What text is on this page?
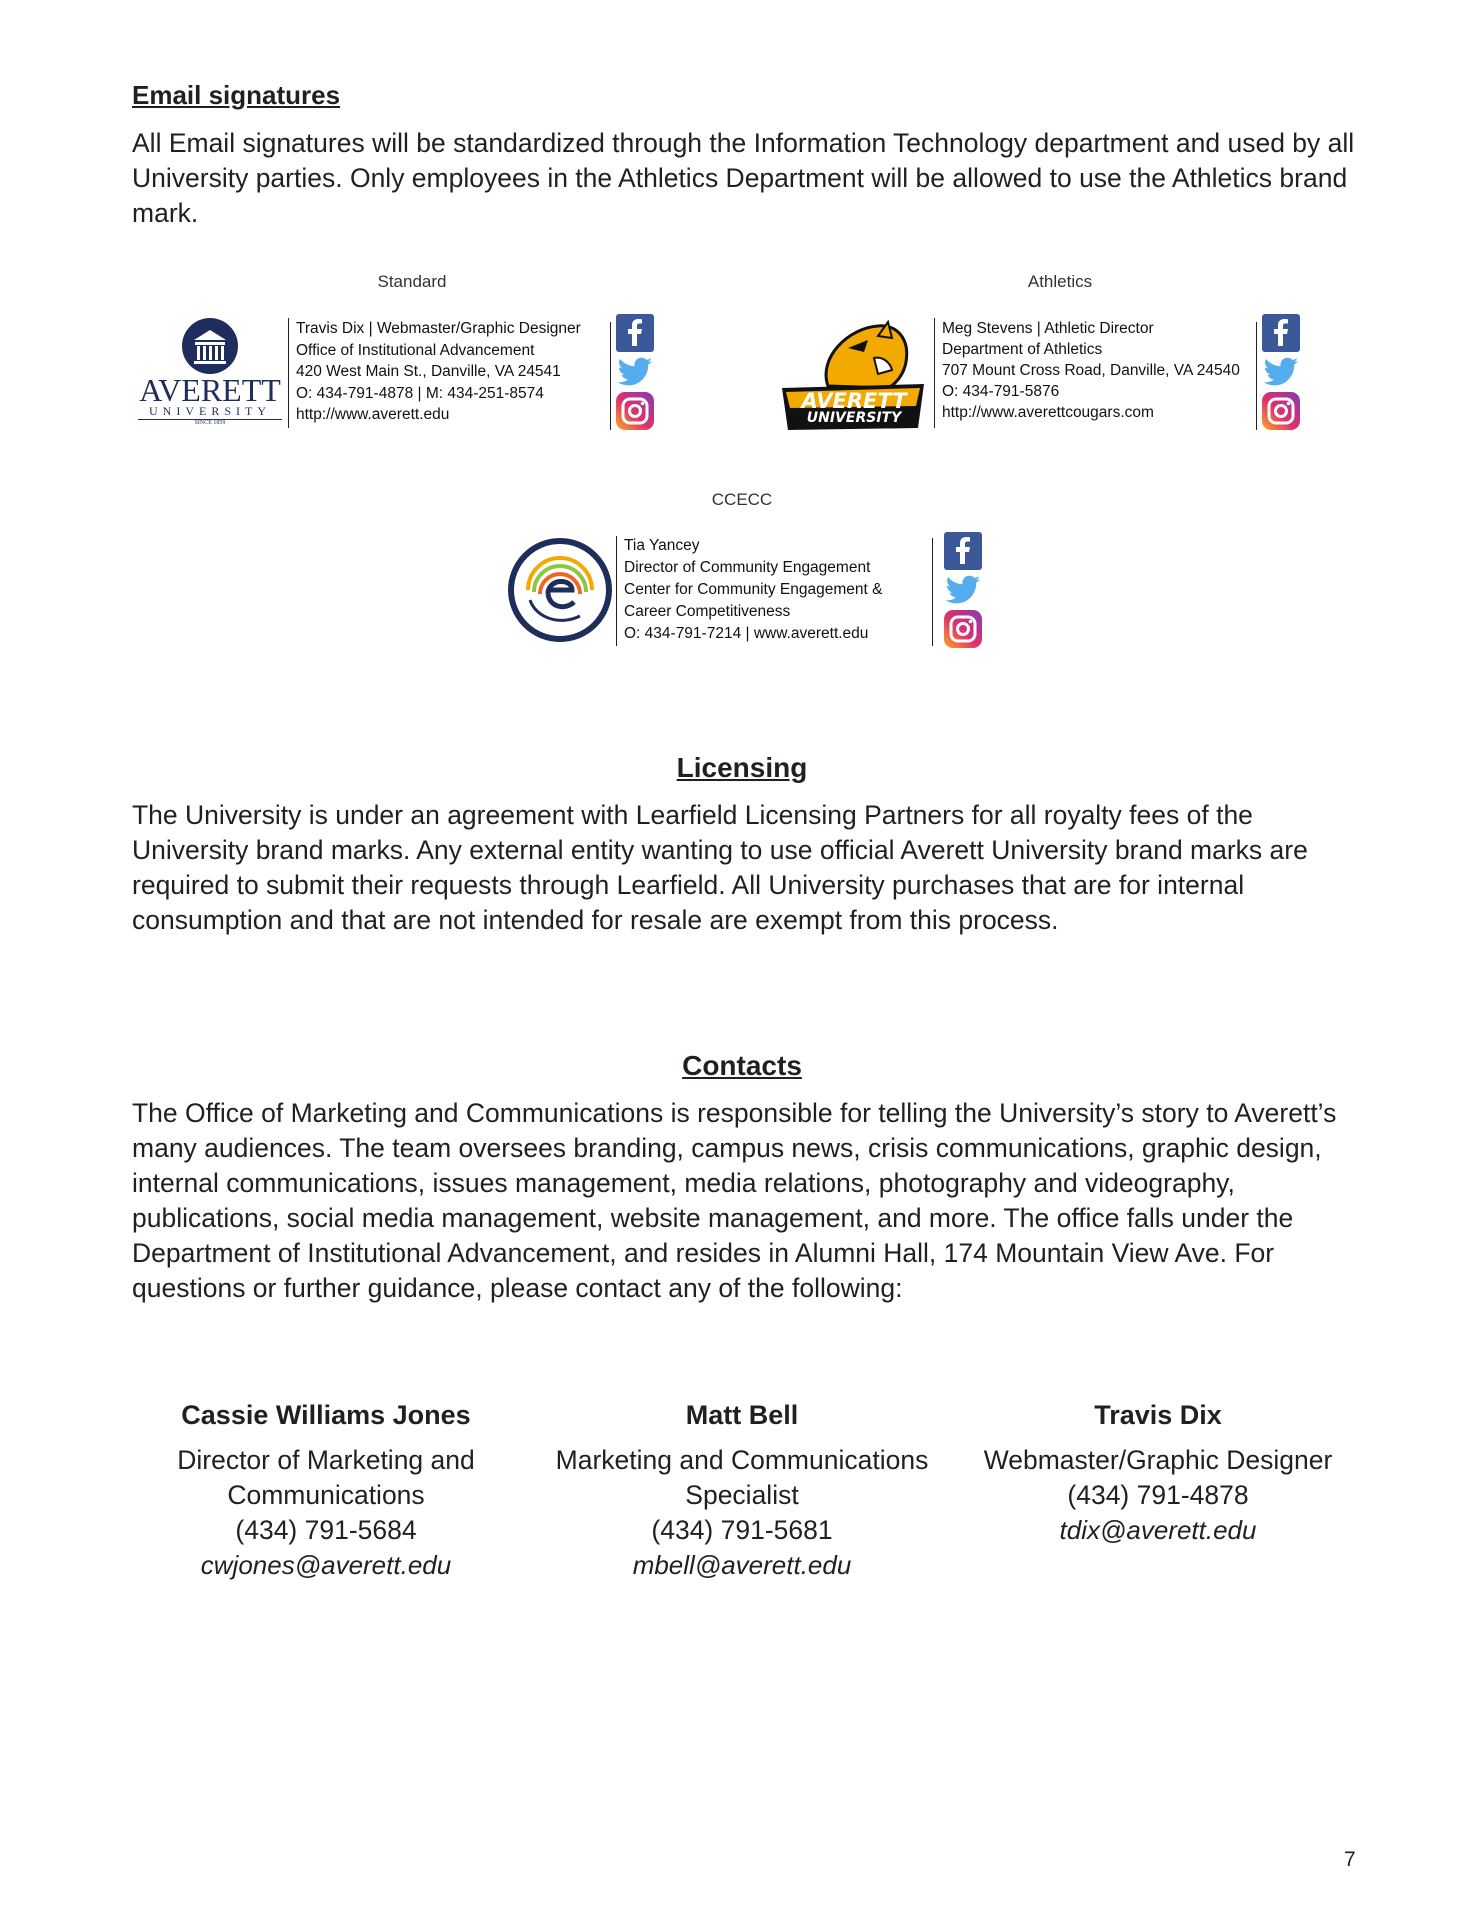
Email signatures

All Email signatures will be standardized through the Information Technology department and used by all University parties. Only employees in the Athletics Department will be allowed to use the Athletics brand mark.

Standard
AVERETT
UNIVERSITY
SINCE 1859
Travis Dix | Webmaster/Graphic Designer
Office of Institutional Advancement
420 West Main St., Danville, VA 24541
O: 434-791-4878 | M: 434-251-8574
http://www.averett.edu
Athletics
AVERETT
UNIVERSITY
Meg Stevens | Athletic Director
Department of Athletics
707 Mount Cross Road, Danville, VA 24540
O: 434-791-5876
http://www.averettcougars.com
CCECC
Tia Yancey
Director of Community Engagement
Center for Community Engagement &
Career Competitiveness
O: 434-791-7214 | www.averett.edu
Licensing

The University is under an agreement with Learfield Licensing Partners for all royalty fees of the University brand marks. Any external entity wanting to use official Averett University brand marks are required to submit their requests through Learfield. All University purchases that are for internal consumption and that are not intended for resale are exempt from this process.

Contacts

The Office of Marketing and Communications is responsible for telling the University’s story to Averett’s many audiences. The team oversees branding, campus news, crisis communications, graphic design, internal communications, issues management, media relations, photography and videography, publications, social media management, website management, and more. The office falls under the Department of Institutional Advancement, and resides in Alumni Hall, 174 Mountain View Ave. For questions or further guidance, please contact any of the following:

Cassie Williams Jones

Director of Marketing and

Communications

(434) 791-5684

cwjones@averett.edu

Matt Bell

Marketing and Communications

Specialist

(434) 791-5681

mbell@averett.edu

Travis Dix

Webmaster/Graphic Designer

(434) 791-4878

tdix@averett.edu

7
